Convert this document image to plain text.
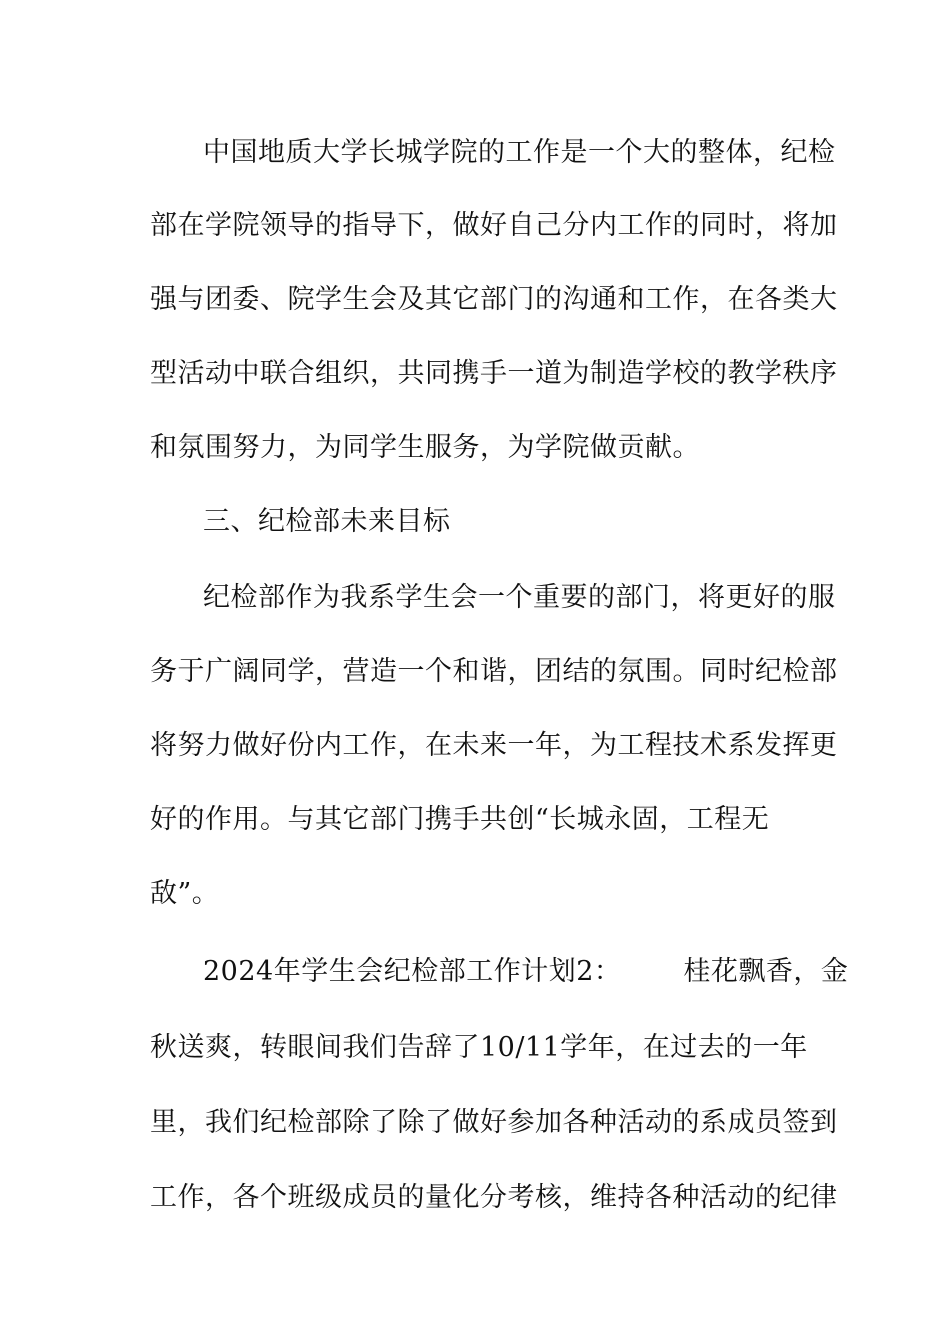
中国地质大学长城学院的工作是一个大的整体，纪检
部在学院领导的指导下，做好自己分内工作的同时，将加
强与团委、院学生会及其它部门的沟通和工作，在各类大
型活动中联合组织，共同携手一道为制造学校的教学秩序
和氛围努力，为同学生服务，为学院做贡献。
三、纪检部未来目标
纪检部作为我系学生会一个重要的部门，将更好的服
务于广阔同学，营造一个和谐，团结的氛围。同时纪检部
将努力做好份内工作，在未来一年，为工程技术系发挥更
好的作用。与其它部门携手共创“长城永固，工程无
敌”。
2024年学生会纪检部工作计划2： 桂花飘香，金
秋送爽，转眼间我们告辞了10/11学年，在过去的一年
里，我们纪检部除了除了做好参加各种活动的系成员签到
工作，各个班级成员的量化分考核，维持各种活动的纪律
